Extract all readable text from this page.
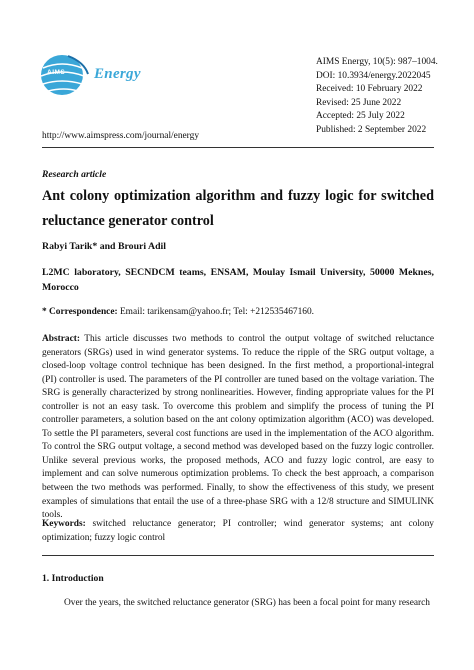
AIMS Energy
AIMS Energy, 10(5): 987–1004.
DOI: 10.3934/energy.2022045
Received: 10 February 2022
Revised: 25 June 2022
Accepted: 25 July 2022
Published: 2 September 2022
http://www.aimspress.com/journal/energy
Research article
Ant colony optimization algorithm and fuzzy logic for switched reluctance generator control
Rabyi Tarik* and Brouri Adil
L2MC laboratory, SECNDCM teams, ENSAM, Moulay Ismail University, 50000 Meknes, Morocco
* Correspondence: Email: tarikensam@yahoo.fr; Tel: +212535467160.
Abstract: This article discusses two methods to control the output voltage of switched reluctance generators (SRGs) used in wind generator systems. To reduce the ripple of the SRG output voltage, a closed-loop voltage control technique has been designed. In the first method, a proportional-integral (PI) controller is used. The parameters of the PI controller are tuned based on the voltage variation. The SRG is generally characterized by strong nonlinearities. However, finding appropriate values for the PI controller is not an easy task. To overcome this problem and simplify the process of tuning the PI controller parameters, a solution based on the ant colony optimization algorithm (ACO) was developed. To settle the PI parameters, several cost functions are used in the implementation of the ACO algorithm. To control the SRG output voltage, a second method was developed based on the fuzzy logic controller. Unlike several previous works, the proposed methods, ACO and fuzzy logic control, are easy to implement and can solve numerous optimization problems. To check the best approach, a comparison between the two methods was performed. Finally, to show the effectiveness of this study, we present examples of simulations that entail the use of a three-phase SRG with a 12/8 structure and SIMULINK tools.
Keywords: switched reluctance generator; PI controller; wind generator systems; ant colony optimization; fuzzy logic control
1. Introduction
Over the years, the switched reluctance generator (SRG) has been a focal point for many research
